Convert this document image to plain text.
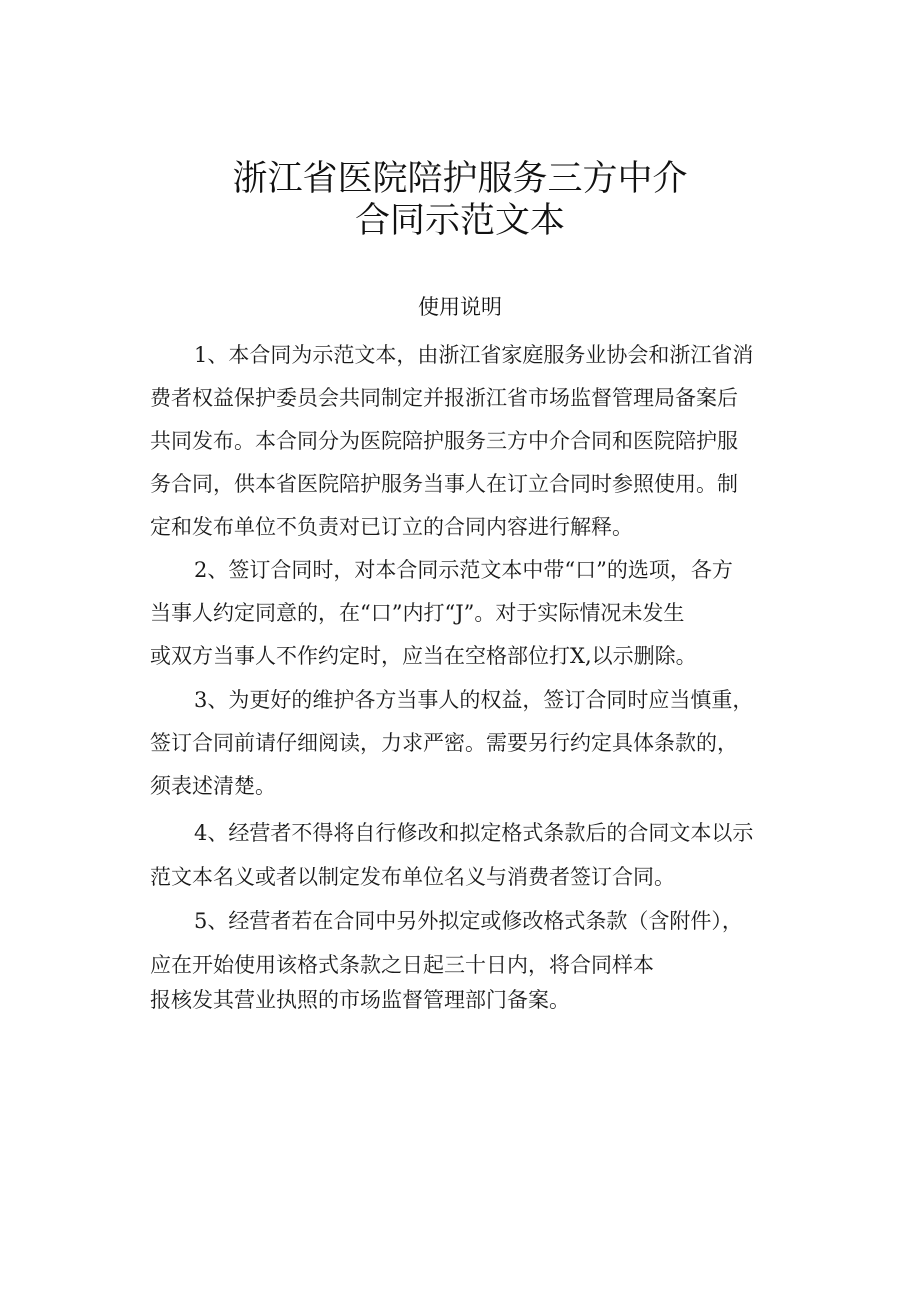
浙江省医院陪护服务三方中介
合同示范文本
使用说明
1、本合同为示范文本，由浙江省家庭服务业协会和浙江省消
费者权益保护委员会共同制定并报浙江省市场监督管理局备案后
共同发布。本合同分为医院陪护服务三方中介合同和医院陪护服
务合同，供本省医院陪护服务当事人在订立合同时参照使用。制
定和发布单位不负责对已订立的合同内容进行解释。
2、签订合同时，对本合同示范文本中带“口”的选项，各方
当事人约定同意的，在“口”内打“J”。对于实际情况未发生
或双方当事人不作约定时，应当在空格部位打X,以示删除。
3、为更好的维护各方当事人的权益，签订合同时应当慎重，
签订合同前请仔细阅读，力求严密。需要另行约定具体条款的，
须表述清楚。
4、经营者不得将自行修改和拟定格式条款后的合同文本以示
范文本名义或者以制定发布单位名义与消费者签订合同。
5、经营者若在合同中另外拟定或修改格式条款（含附件），
应在开始使用该格式条款之日起三十日内，将合同样本
报核发其营业执照的市场监督管理部门备案。
